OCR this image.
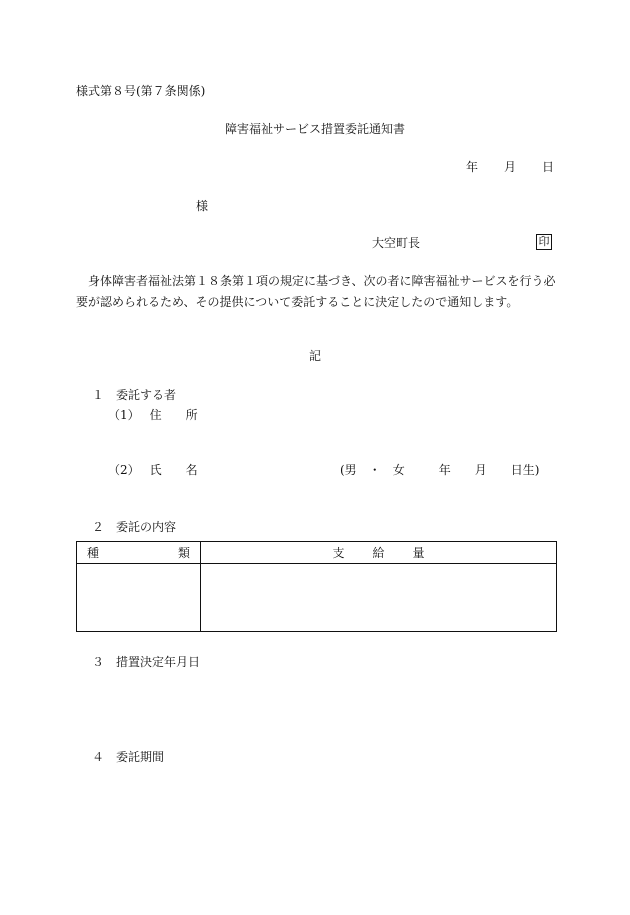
様式第８号(第７条関係)
障害福祉サービス措置委託通知書
年 月 日
様
大空町長	印
身体障害者福祉法第１８条第１項の規定に基づき、次の者に障害福祉サービスを行う必要が認められるため、その提供について委託することに決定したので通知します。
記
１　委託する者
（1） 住 所
（2） 氏 名	(男 ・ 女	年 月 日生)
２　委託の内容
種 類	支 給 量

３　措置決定年月日
４　委託期間
